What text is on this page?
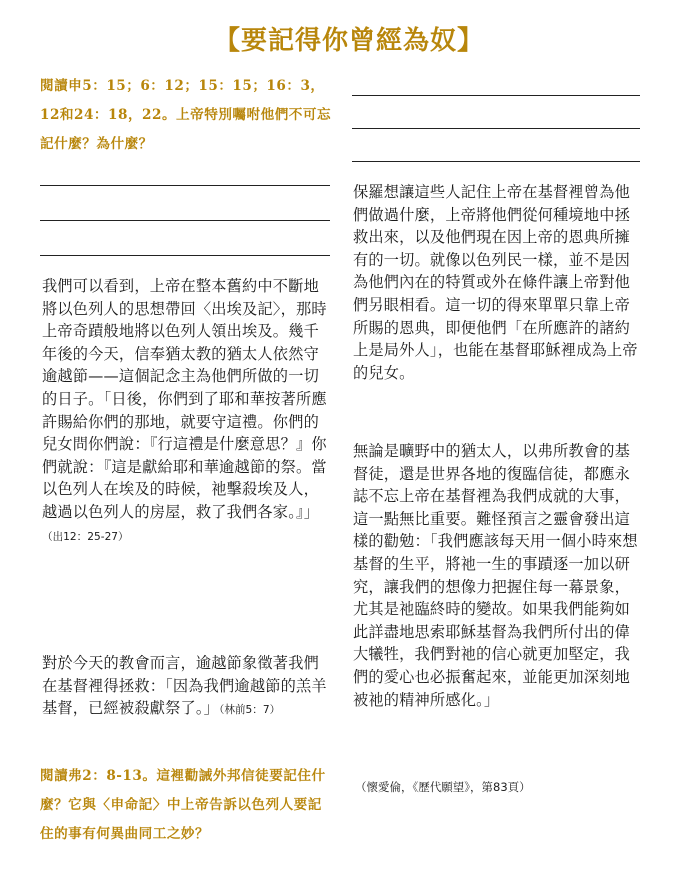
【要記得你曾經為奴】
閱讀申5：15；6：12；15：15；16：3，12和24：18，22。上帝特別囑咐他們不可忘記什麼？為什麼？
我們可以看到，上帝在整本舊約中不斷地將以色列人的思想帶回〈出埃及記〉，那時上帝奇蹟般地將以色列人領出埃及。幾千年後的今天，信奉猶太教的猶太人依然守逾越節——這個記念主為他們所做的一切的日子。「日後，你們到了耶和華按著所應許賜給你們的那地，就要守這禮。你們的兒女問你們說：『行這禮是什麼意思？』你們就說：『這是獻給耶和華逾越節的祭。當以色列人在埃及的時候，祂擊殺埃及人，越過以色列人的房屋，救了我們各家。』」（出12：25-27）
對於今天的教會而言，逾越節象徵著我們在基督裡得拯救：「因為我們逾越節的羔羊基督，已經被殺獻祭了。」（林前5：7）
閱讀弗2：8-13。這裡勸誡外邦信徒要記住什麼？它與〈申命記〉中上帝告訴以色列人要記住的事有何異曲同工之妙？
保羅想讓這些人記住上帝在基督裡曾為他們做過什麼，上帝將他們從何種境地中拯救出來，以及他們現在因上帝的恩典所擁有的一切。就像以色列民一樣，並不是因為他們內在的特質或外在條件讓上帝對他們另眼相看。這一切的得來單單只靠上帝所賜的恩典，即便他們「在所應許的諸約上是局外人」，也能在基督耶穌裡成為上帝的兒女。
無論是曠野中的猶太人，以弗所教會的基督徒，還是世界各地的復臨信徒，都應永誌不忘上帝在基督裡為我們成就的大事，這一點無比重要。難怪預言之靈會發出這樣的勸勉：「我們應該每天用一個小時來想基督的生平，將祂一生的事蹟逐一加以研究，讓我們的想像力把握住每一幕景象，尤其是祂臨終時的變故。如果我們能夠如此詳盡地思索耶穌基督為我們所付出的偉大犧牲，我們對祂的信心就更加堅定，我們的愛心也必振奮起來，並能更加深刻地被祂的精神所感化。」
（懷愛倫，《歷代願望》，第83頁）
